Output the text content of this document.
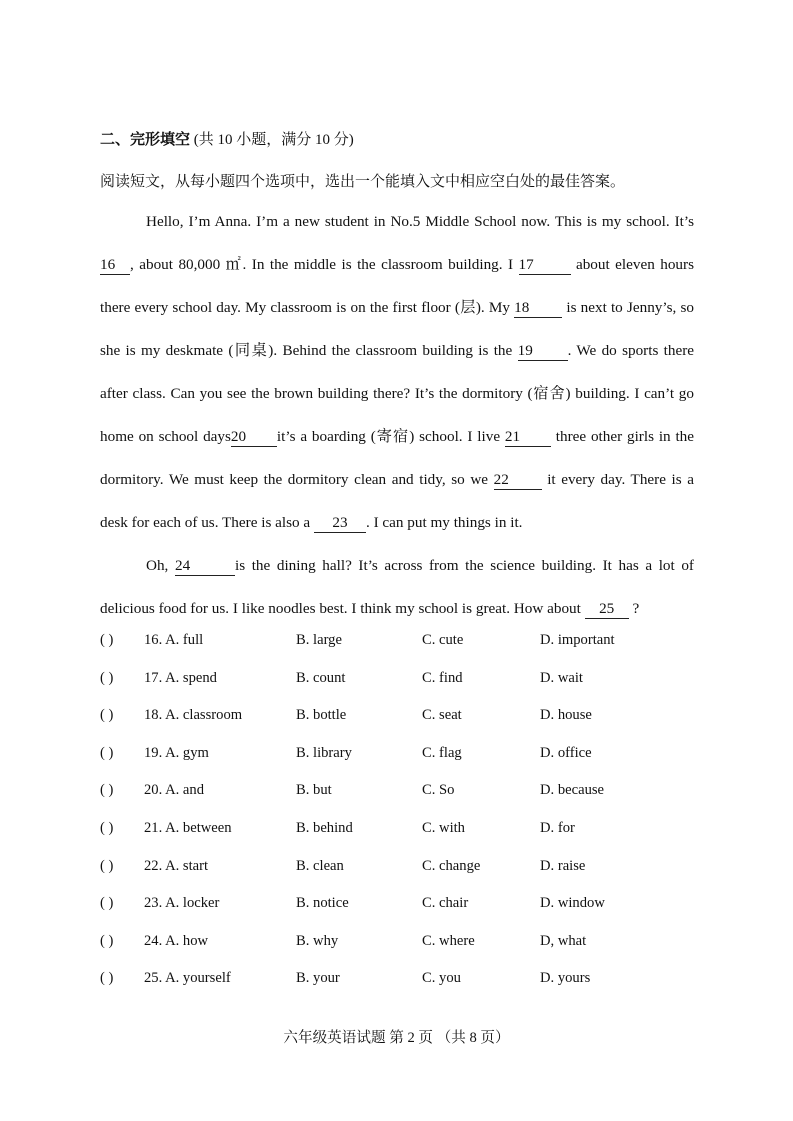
二、完形填空 (共 10 小题，满分 10 分)
阅读短文，从每小题四个选项中，选出一个能填入文中相应空白处的最佳答案。
Hello, I’m Anna. I’m a new student in No.5 Middle School now. This is my school. It’s
16 , about 80,000 ㎡. In the middle is the classroom building. I 17	about eleven hours
there every school day. My classroom is on the first floor (层). My 18 is next to Jenny’s, so
she is my deskmate (同桌). Behind the classroom building is the 19 . We do sports there
after class. Can you see the brown building there? It’s the dormitory (宿舍) building. I can’t go
home on school days20 it’s a boarding (寄宿) school. I live 21 three other girls in the
dormitory. We must keep the dormitory clean and tidy, so we 22	it every day. There is a
desk for each of us. There is also a 23 . I can put my things in it.
Oh, 24	is the dining hall? It’s across from the science building. It has a lot of
delicious food for us. I like noodles best. I think my school is great. How about 25 ?
( ) 16. A. full	B. large	C. cute	D. important
( ) 17. A. spend	B. count	C. find	D. wait
( ) 18. A. classroom	B. bottle	C. seat	D. house
( ) 19. A. gym	B. library	C. flag	D. office
( ) 20. A. and	B. but	C. So	D. because
( ) 21. A. between	B. behind	C. with	D. for
( ) 22. A. start	B. clean	C. change	D. raise
( ) 23. A. locker	B. notice	C. chair	D. window
( ) 24. A. how	B. why	C. where	D, what
( ) 25. A. yourself	B. your	C. you	D. yours
六年级英语试题 第 2 页 （共 8 页）
